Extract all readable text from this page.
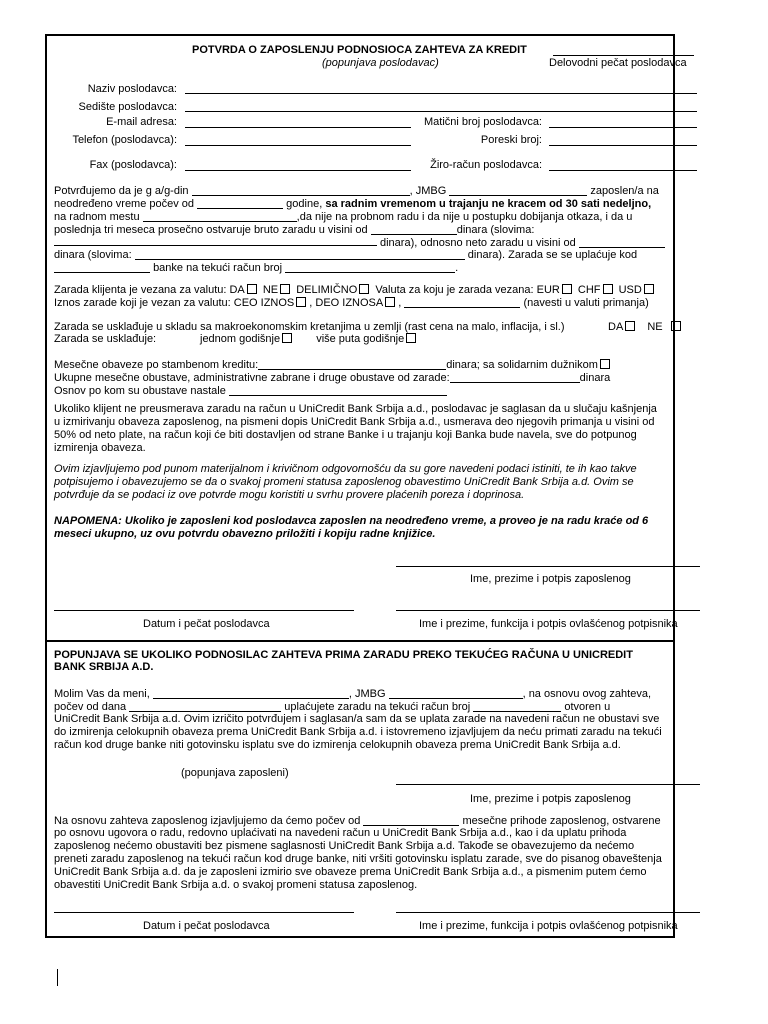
POTVRDA O ZAPOSLENJU PODNOSIOCA ZAHTEVA ZA KREDIT
(popunjava poslodavac)	Delovodni pečat poslodavca
Naziv poslodavca:
Sedište poslodavca:
E-mail adresa:	Matični broj poslodavca:
Telefon (poslodavca):	Poreski broj:
Fax (poslodavca):	Žiro-račun poslodavca:
Potvrđujemo da je g a/g-din	, JMBG	zaposlen/a na
neodređeno vreme počev od	godine, sa radnim vremenom u trajanju ne kracem od 30 sati nedeljno,
na radnom mestu	,da nije na probnom radu i da nije u postupku dobijanja otkaza, i da u
poslednja tri meseca prosečno ostvaruje bruto zaradu u visini od	dinara (slovima:
dinara), odnosno neto zaradu u visini od
dinara (slovima:	dinara). Zarada se se uplaćuje kod
banke na tekući račun broj	.
Zarada klijenta je vezana za valutu: DA NE DELIMIČNO Valuta za koju je zarada vezana: EUR CHF USD
Iznos zarade koji je vezan za valutu: CEO IZNOS , DEO IZNOSA ,	(navesti u valuti primanja)
Zarada se usklađuje u skladu sa makroekonomskim kretanjima u zemlji (rast cena na malo, inflacija, i sl.)	DA NE
Zarada se usklađuje:	jednom godišnje	više puta godišnje
Mesečne obaveze po stambenom kreditu:	dinara; sa solidarnim dužnikom
Ukupne mesečne obustave, administrativne zabrane i druge obustave od zarade:	dinara
Osnov po kom su obustave nastale
Ukoliko klijent ne preusmerava zaradu na račun u UniCredit Bank Srbija a.d., poslodavac je saglasan da u slučaju kašnjenja
u izmirivanju obaveza zaposlenog, na pismeni dopis UniCredit Bank Srbija a.d., usmerava deo njegovih primanja u visini od
50% od neto plate, na račun koji će biti dostavljen od strane Banke i u trajanju koji Banka bude navela, sve do potpunog
izmirenja obaveza.
Ovim izjavljujemo pod punom materijalnom i krivičnom odgovornošću da su gore navedeni podaci istiniti, te ih kao takve
potpisujemo i obavezujemo se da o svakoj promeni statusa zaposlenog obavestimo UniCredit Bank Srbija a.d. Ovim se
potvrđuje da se podaci iz ove potvrde mogu koristiti u svrhu provere plaćenih poreza i doprinosa.
NAPOMENA: Ukoliko je zaposleni kod poslodavca zaposlen na neodređeno vreme, a proveo je na radu kraće od 6
meseci ukupno, uz ovu potvrdu obavezno priložiti i kopiju radne knjižice.
Ime, prezime i potpis zaposlenog
Datum i pečat poslodavca	Ime i prezime, funkcija i potpis ovlašćenog potpisnika
POPUNJAVA SE UKOLIKO PODNOSILAC ZAHTEVA PRIMA ZARADU PREKO TEKUĆEG RAČUNA U UNICREDIT
BANK SRBIJA A.D.
Molim Vas da meni,	, JMBG	, na osnovu ovog zahteva,
počev od dana	uplaćujete zaradu na tekući račun broj	otvoren u
UniCredit Bank Srbija a.d. Ovim izričito potvrđujem i saglasan/a sam da se uplata zarade na navedeni račun ne obustavi sve
do izmirenja celokupnih obaveza prema UniCredit Bank Srbija a.d. i istovremeno izjavljujem da neću primati zaradu na tekući
račun kod druge banke niti gotovinsku isplatu sve do izmirenja celokupnih obaveza prema UniCredit Bank Srbija a.d.
(popunjava zaposleni)
Ime, prezime i potpis zaposlenog
Na osnovu zahteva zaposlenog izjavljujemo da ćemo počev od	mesečne prihode zaposlenog, ostvarene
po osnovu ugovora o radu, redovno uplaćivati na navedeni račun u UniCredit Bank Srbija a.d., kao i da uplatu prihoda
zaposlenog nećemo obustaviti bez pismene saglasnosti UniCredit Bank Srbija a.d. Takođe se obavezujemo da nećemo
preneti zaradu zaposlenog na tekući račun kod druge banke, niti vršiti gotovinsku isplatu zarade, sve do pisanog obaveštenja
UniCredit Bank Srbija a.d. da je zaposleni izmirio sve obaveze prema UniCredit Bank Srbija a.d., a pismenim putem ćemo
obavestiti UniCredit Bank Srbija a.d. o svakoj promeni statusa zaposlenog.
Datum i pečat poslodavca	Ime i prezime, funkcija i potpis ovlašćenog potpisnika
